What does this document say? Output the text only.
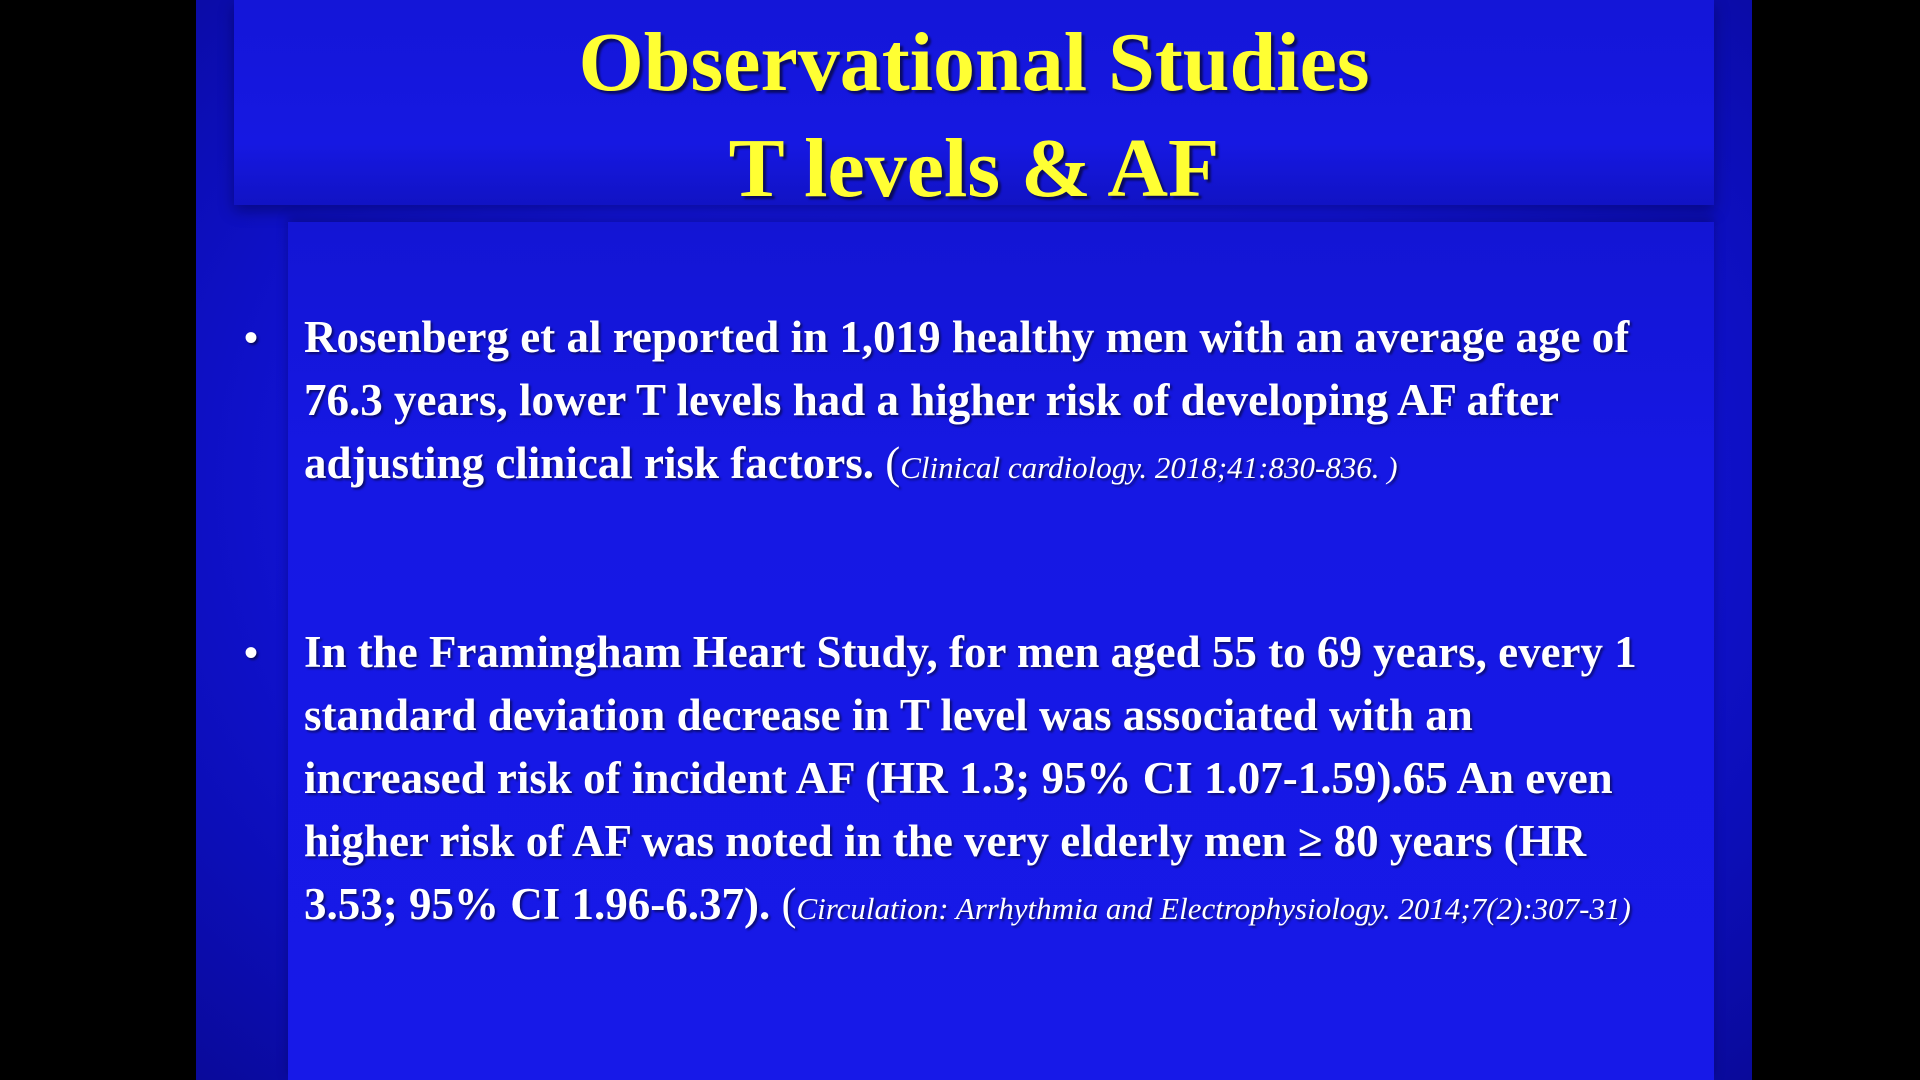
Observational Studies
T levels & AF
• Rosenberg et al reported in 1,019 healthy men with an average age of 76.3 years, lower T levels had a higher risk of developing AF after adjusting clinical risk factors. (Clinical cardiology. 2018;41:830-836. )
• In the Framingham Heart Study, for men aged 55 to 69 years, every 1 standard deviation decrease in T level was associated with an increased risk of incident AF (HR 1.3; 95% CI 1.07-1.59).65 An even higher risk of AF was noted in the very elderly men ≥ 80 years (HR 3.53; 95% CI 1.96-6.37). (Circulation: Arrhythmia and Electrophysiology. 2014;7(2):307-31)
